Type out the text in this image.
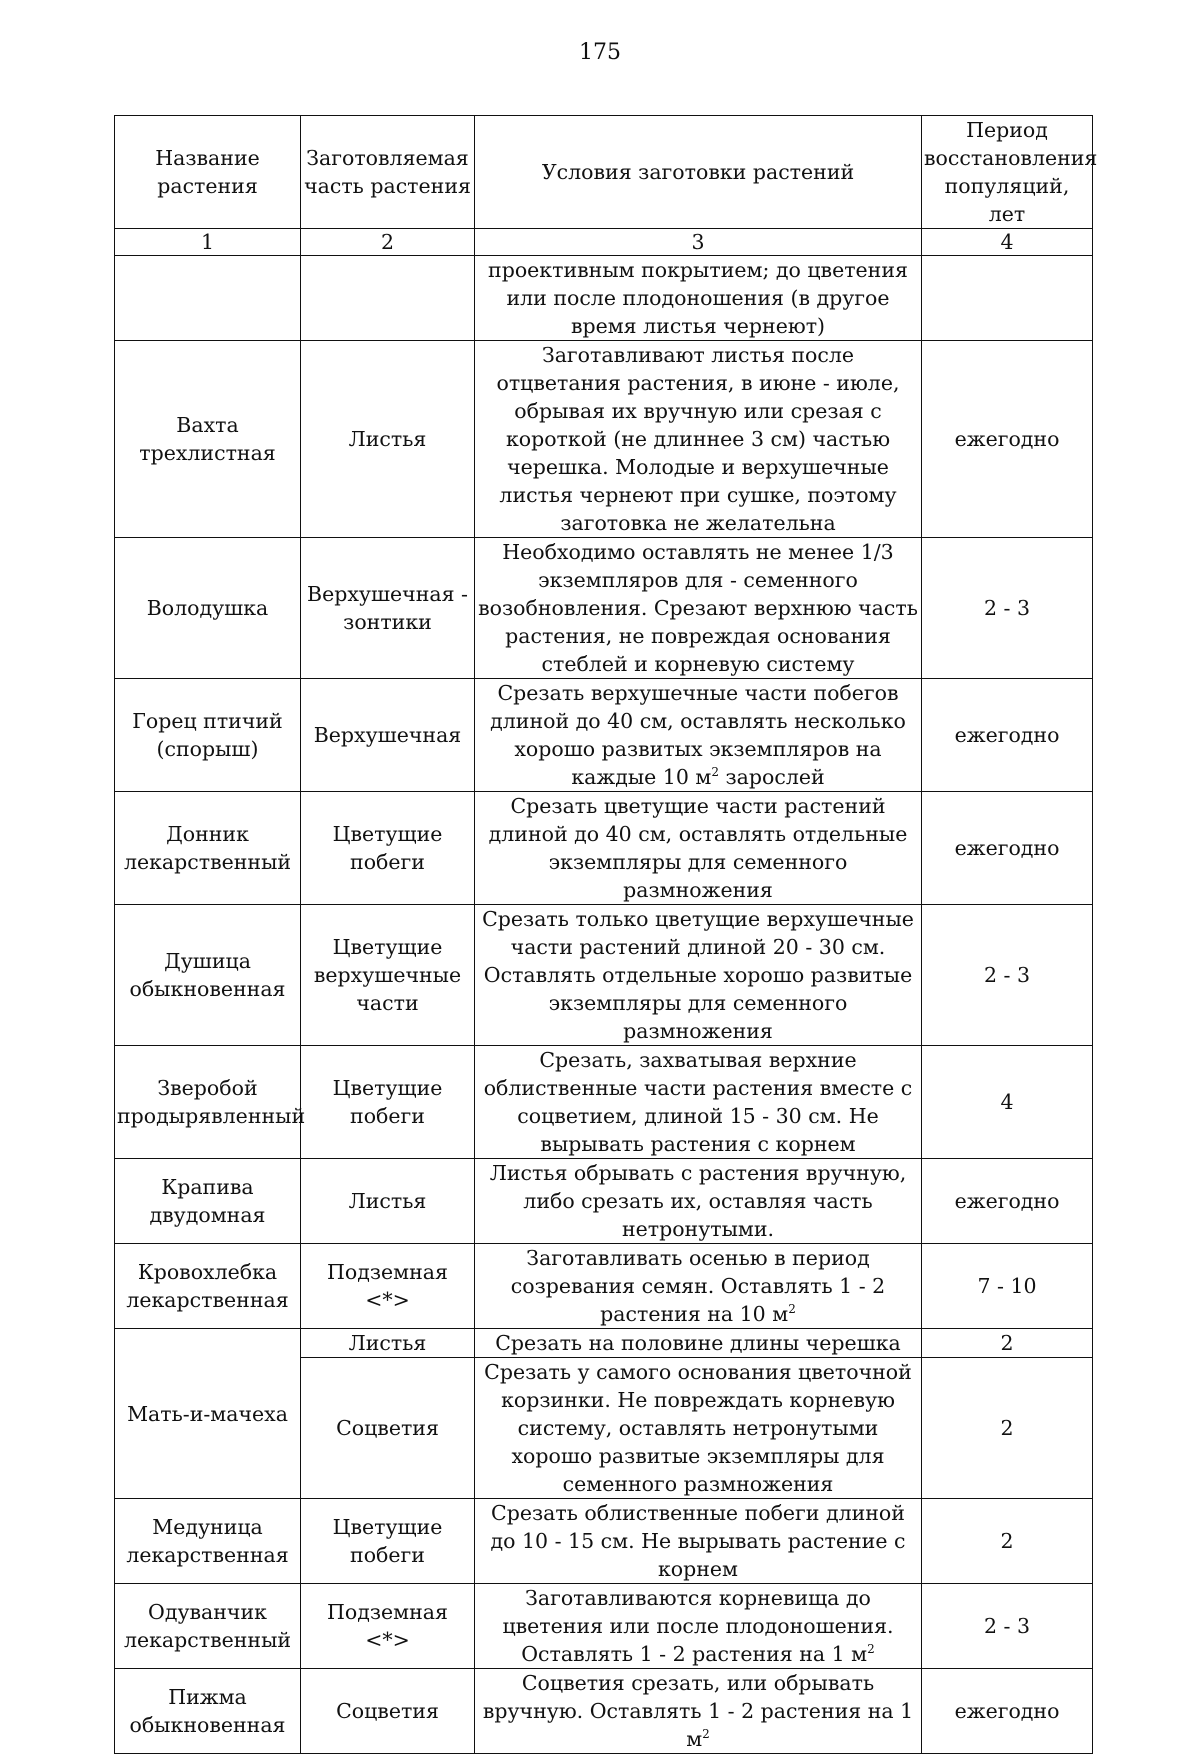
175
Название растения	Заготовляемая часть растения	Условия заготовки растений	Период восстановления популяций, лет
1	2	3	4
		проективным покрытием; до цветения или после плодоношения (в другое время листья чернеют)	
Вахта трехлистная	Листья	Заготавливают листья после отцветания растения, в июне - июле, обрывая их вручную или срезая с короткой (не длиннее 3 см) частью черешка. Молодые и верхушечные листья чернеют при сушке, поэтому заготовка не желательна	ежегодно
Володушка	Верхушечная - зонтики	Необходимо оставлять не менее 1/3 экземпляров для - семенного возобновления. Срезают верхнюю часть растения, не повреждая основания стеблей и корневую систему	2 - 3
Горец птичий (спорыш)	Верхушечная	Срезать верхушечные части побегов длиной до 40 см, оставлять несколько хорошо развитых экземпляров на каждые 10 $м^2$ зарослей	ежегодно
Донник лекарственный	Цветущие побеги	Срезать цветущие части растений длиной до 40 см, оставлять отдельные экземпляры для семенного размножения	ежегодно
Душица обыкновенная	Цветущие верхушечные части	Срезать только цветущие верхушечные части растений длиной 20 - 30 см. Оставлять отдельные хорошо развитые экземпляры для семенного размножения	2 - 3
Зверобой продырявленный	Цветущие побеги	Срезать, захватывая верхние облиственные части растения вместе с соцветием, длиной 15 - 30 см. Не вырывать растения с корнем	4
Крапива двудомная	Листья	Листья обрывать с растения вручную, либо срезать их, оставляя часть нетронутыми.	ежегодно
Кровохлебка лекарственная	Подземная <*>	Заготавливать осенью в период созревания семян. Оставлять 1 - 2 растения на 10 $м^2$	7 - 10
Мать-и-мачеха	Листья	Срезать на половине длины черешка	2
	Соцветия	Срезать у самого основания цветочной корзинки. Не повреждать корневую систему, оставлять нетронутыми хорошо развитые экземпляры для семенного размножения	2
Медуница лекарственная	Цветущие побеги	Срезать облиственные побеги длиной до 10 - 15 см. Не вырывать растение с корнем	2
Одуванчик лекарственный	Подземная <*>	Заготавливаются корневища до цветения или после плодоношения. Оставлять 1 - 2 растения на 1 $м^2$	2 - 3
Пижма обыкновенная	Соцветия	Соцветия срезать, или обрывать вручную. Оставлять 1 - 2 растения на 1 $м^2$	ежегодно
